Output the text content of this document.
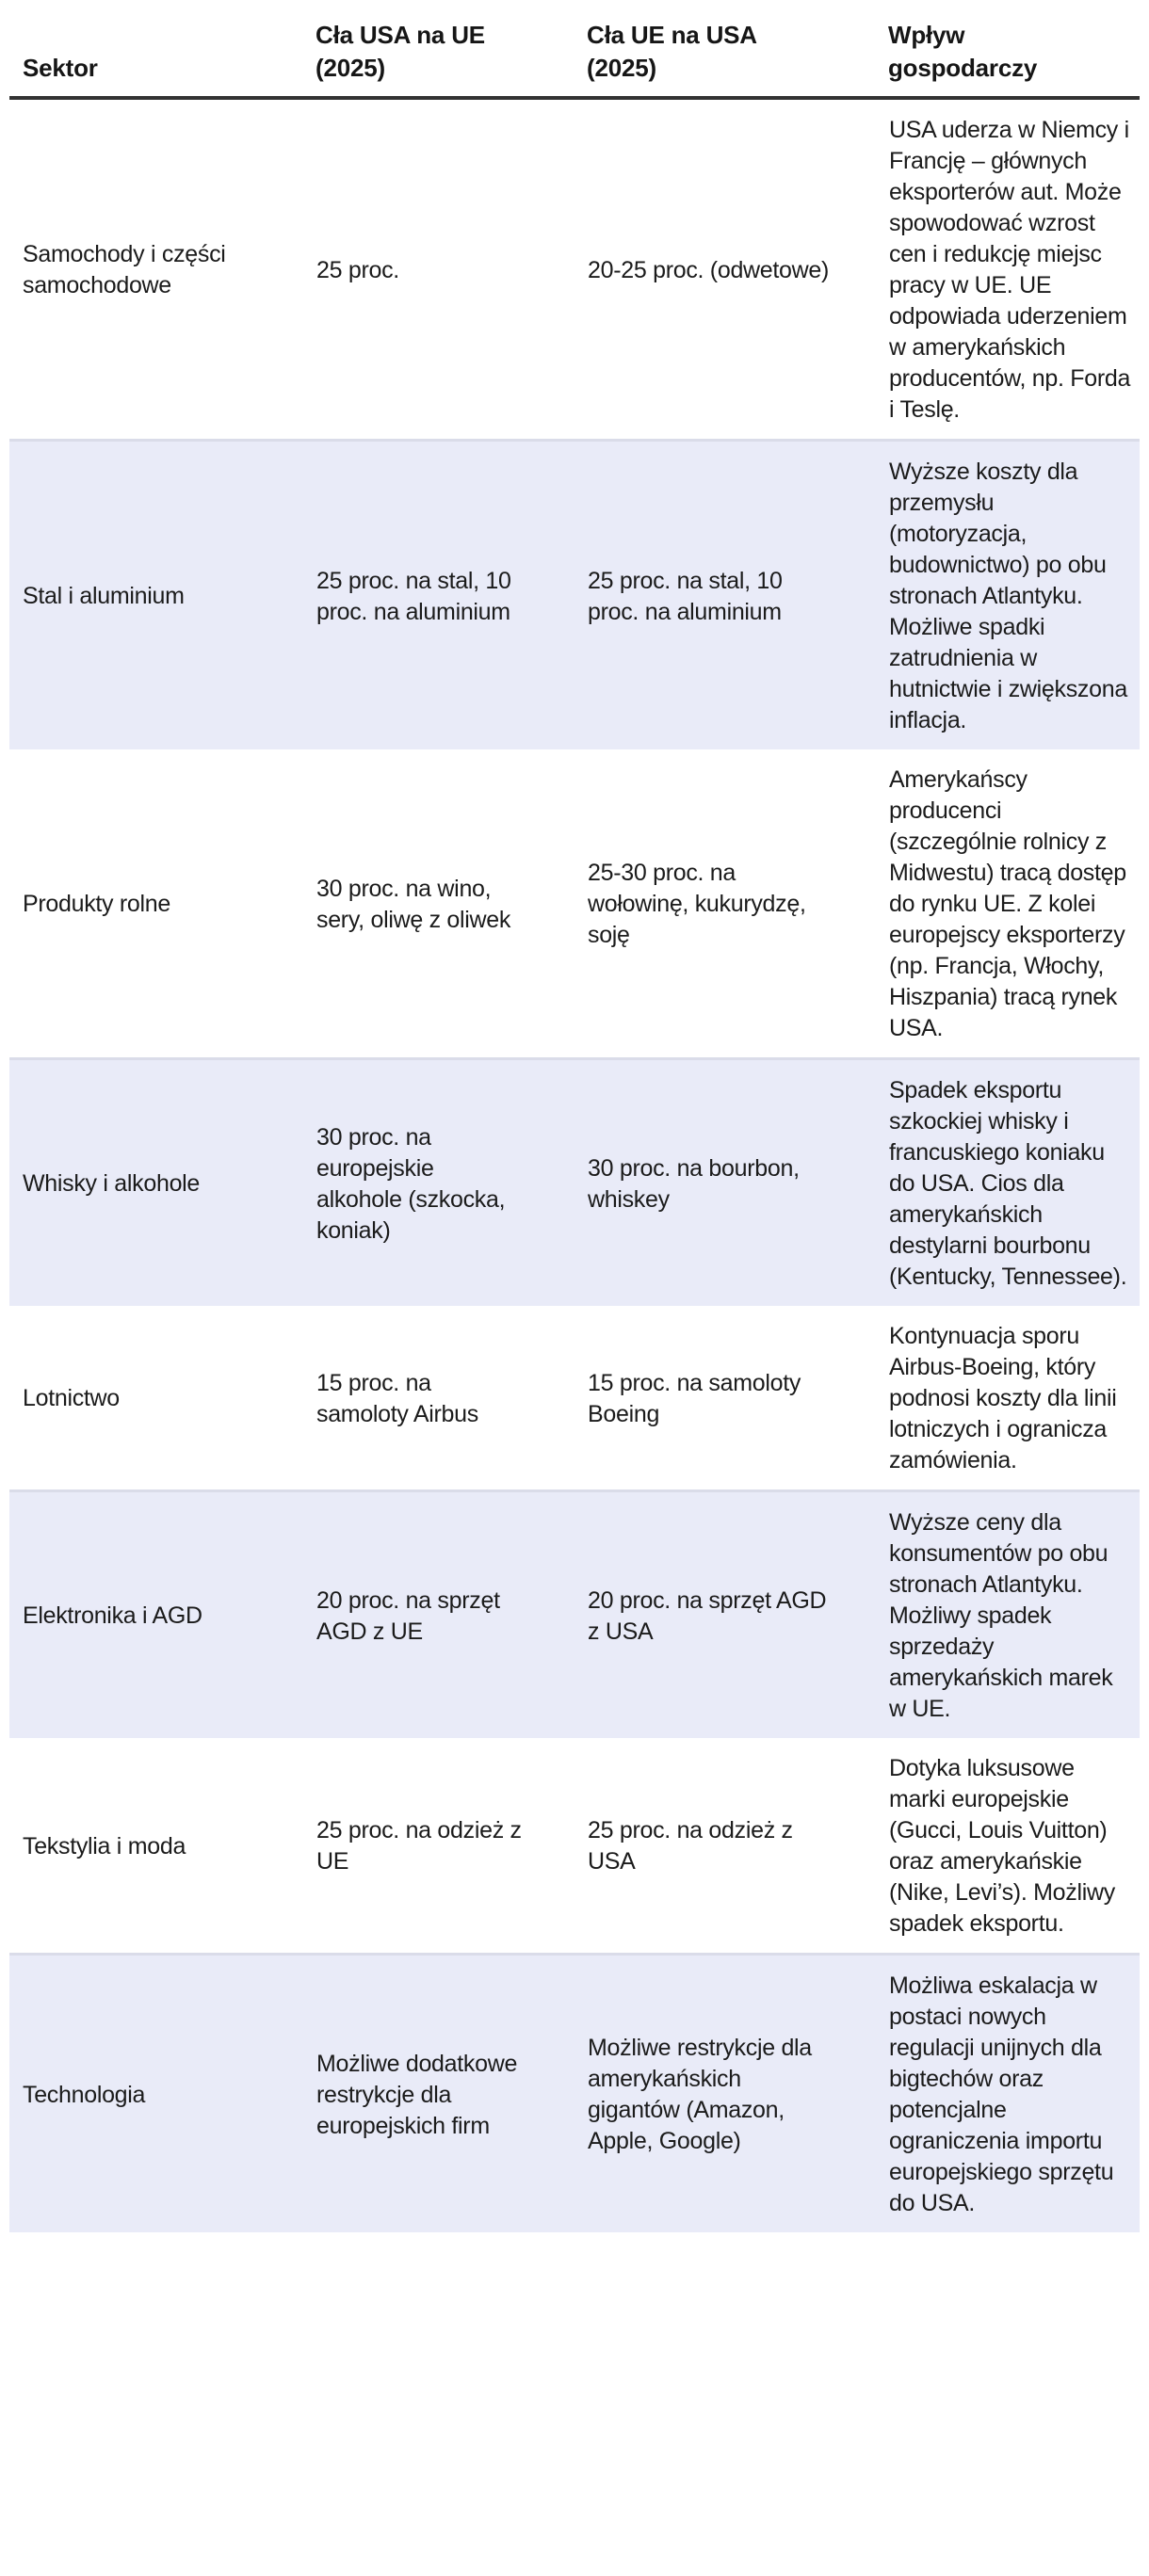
Sektor	Cła USA na UE (2025)	Cła UE na USA (2025)	Wpływ gospodarczy
Samochody i części samochodowe	25 proc.	20-25 proc. (odwetowe)	USA uderza w Niemcy i Francję – głównych eksporterów aut. Może spowodować wzrost cen i redukcję miejsc pracy w UE. UE odpowiada uderzeniem w amerykańskich producentów, np. Forda i Teslę.
Stal i aluminium	25 proc. na stal, 10 proc. na aluminium	25 proc. na stal, 10 proc. na aluminium	Wyższe koszty dla przemysłu (motoryzacja, budownictwo) po obu stronach Atlantyku. Możliwe spadki zatrudnienia w hutnictwie i zwiększona inflacja.
Produkty rolne	30 proc. na wino, sery, oliwę z oliwek	25-30 proc. na wołowinę, kukurydzę, soję	Amerykańscy producenci (szczególnie rolnicy z Midwestu) tracą dostęp do rynku UE. Z kolei europejscy eksporterzy (np. Francja, Włochy, Hiszpania) tracą rynek USA.
Whisky i alkohole	30 proc. na europejskie alkohole (szkocka, koniak)	30 proc. na bourbon, whiskey	Spadek eksportu szkockiej whisky i francuskiego koniaku do USA. Cios dla amerykańskich destylarni bourbonu (Kentucky, Tennessee).
Lotnictwo	15 proc. na samoloty Airbus	15 proc. na samoloty Boeing	Kontynuacja sporu Airbus-Boeing, który podnosi koszty dla linii lotniczych i ogranicza zamówienia.
Elektronika i AGD	20 proc. na sprzęt AGD z UE	20 proc. na sprzęt AGD z USA	Wyższe ceny dla konsumentów po obu stronach Atlantyku. Możliwy spadek sprzedaży amerykańskich marek w UE.
Tekstylia i moda	25 proc. na odzież z UE	25 proc. na odzież z USA	Dotyka luksusowe marki europejskie (Gucci, Louis Vuitton) oraz amerykańskie (Nike, Levi’s). Możliwy spadek eksportu.
Technologia	Możliwe dodatkowe restrykcje dla europejskich firm	Możliwe restrykcje dla amerykańskich gigantów (Amazon, Apple, Google)	Możliwa eskalacja w postaci nowych regulacji unijnych dla bigtechów oraz potencjalne ograniczenia importu europejskiego sprzętu do USA.
